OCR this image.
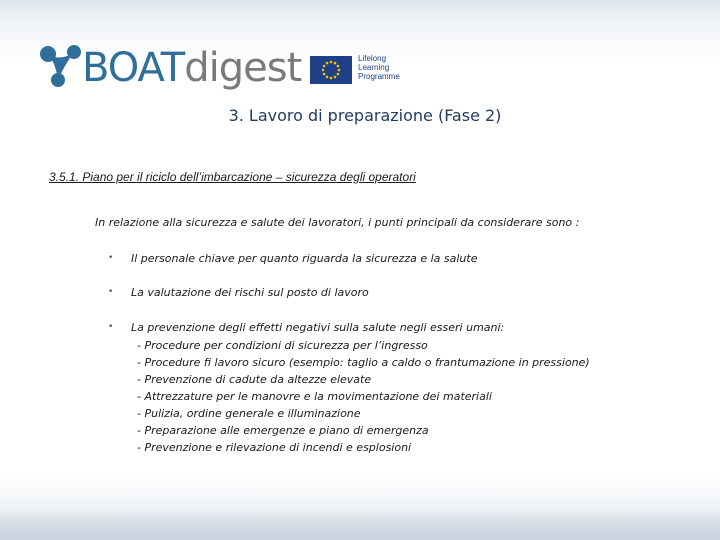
BOATdigest	Lifelong
Learning
Programme
3. Lavoro di preparazione (Fase 2)
3.5.1. Piano per il riciclo dell’imbarcazione – sicurezza degli operatori
In relazione alla sicurezza e salute dei lavoratori, i punti principali da considerare sono :
• Il personale chiave per quanto riguarda la sicurezza e la salute
• La valutazione dei rischi sul posto di lavoro
• La prevenzione degli effetti negativi sulla salute negli esseri umani:
- Procedure per condizioni di sicurezza per l’ingresso
- Procedure fi lavoro sicuro (esempio: taglio a caldo o frantumazione in pressione)
- Prevenzione di cadute da altezze elevate
- Attrezzature per le manovre e la movimentazione dei materiali
- Pulizia, ordine generale e illuminazione
- Preparazione alle emergenze e piano di emergenza
- Prevenzione e rilevazione di incendi e esplosioni
